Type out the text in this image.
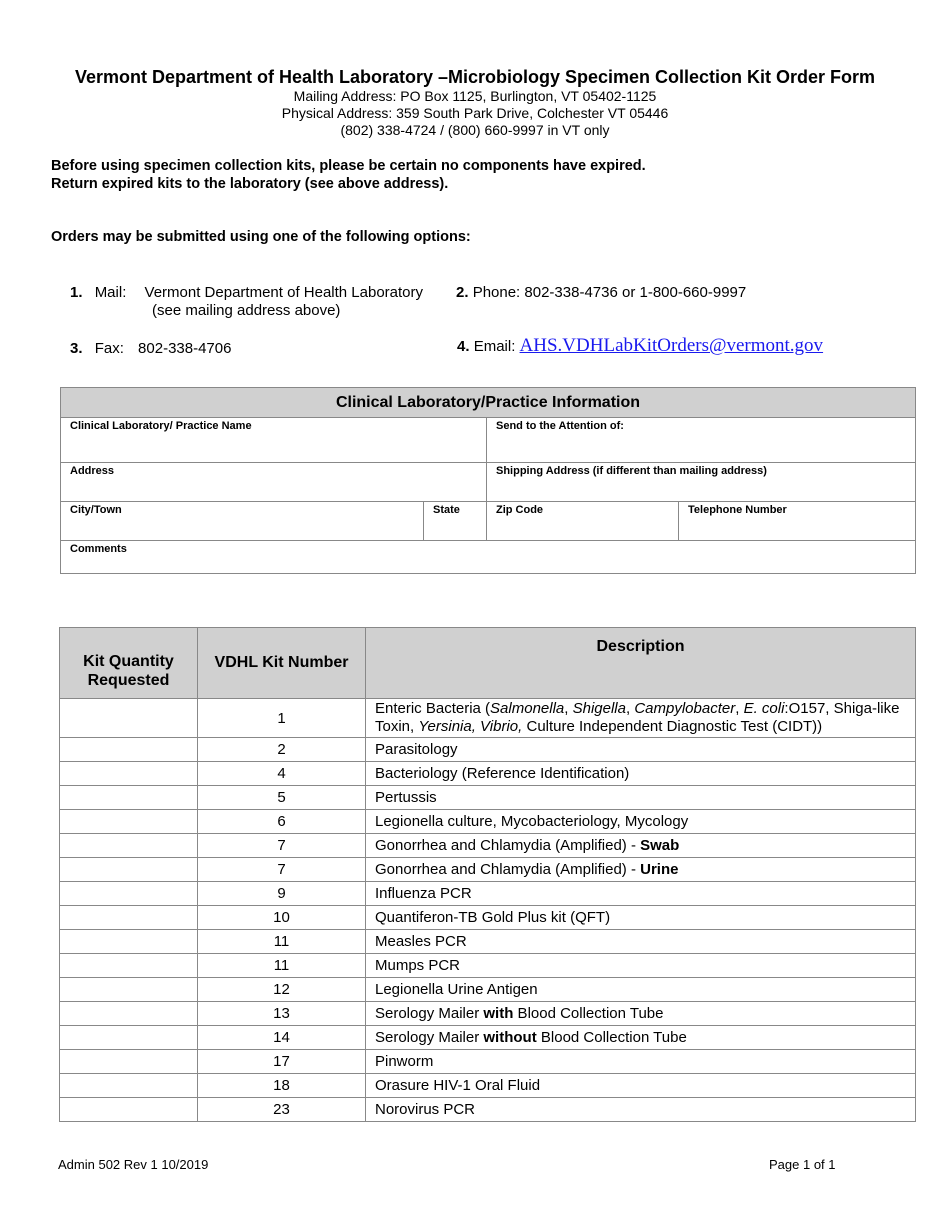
Vermont Department of Health Laboratory –Microbiology Specimen Collection Kit Order Form
Mailing Address: PO Box 1125, Burlington, VT 05402-1125
Physical Address: 359 South Park Drive, Colchester VT 05446
(802) 338-4724 / (800) 660-9997 in VT only
Before using specimen collection kits, please be certain no components have expired.
Return expired kits to the laboratory (see above address).
Orders may be submitted using one of the following options:
1. Mail: Vermont Department of Health Laboratory
(see mailing address above)
2. Phone: 802-338-4736 or 1-800-660-9997
3. Fax: 802-338-4706	4. Email: AHS.VDHLabKitOrders@vermont.gov
Clinical Laboratory/Practice Information			
Clinical Laboratory/ Practice Name		Send to the Attention of:	
Address		Shipping Address (if different than mailing address)	
City/Town	State	Zip Code	Telephone Number
Comments			
Kit Quantity
Requested	VDHL Kit Number	Description
	1	Enteric Bacteria (Salmonella, Shigella, Campylobacter, E. coli:O157, Shiga-like Toxin, Yersinia, Vibrio, Culture Independent Diagnostic Test (CIDT))
	2	Parasitology
	4	Bacteriology (Reference Identification)
	5	Pertussis
	6	Legionella culture, Mycobacteriology, Mycology
	7	Gonorrhea and Chlamydia (Amplified) - Swab
	7	Gonorrhea and Chlamydia (Amplified) - Urine
	9	Influenza PCR
	10	Quantiferon-TB Gold Plus kit (QFT)
	11	Measles PCR
	11	Mumps PCR
	12	Legionella Urine Antigen
	13	Serology Mailer with Blood Collection Tube
	14	Serology Mailer without Blood Collection Tube
	17	Pinworm
	18	Orasure HIV-1 Oral Fluid
	23	Norovirus PCR
Admin 502 Rev 1 10/2019	Page 1 of 1
